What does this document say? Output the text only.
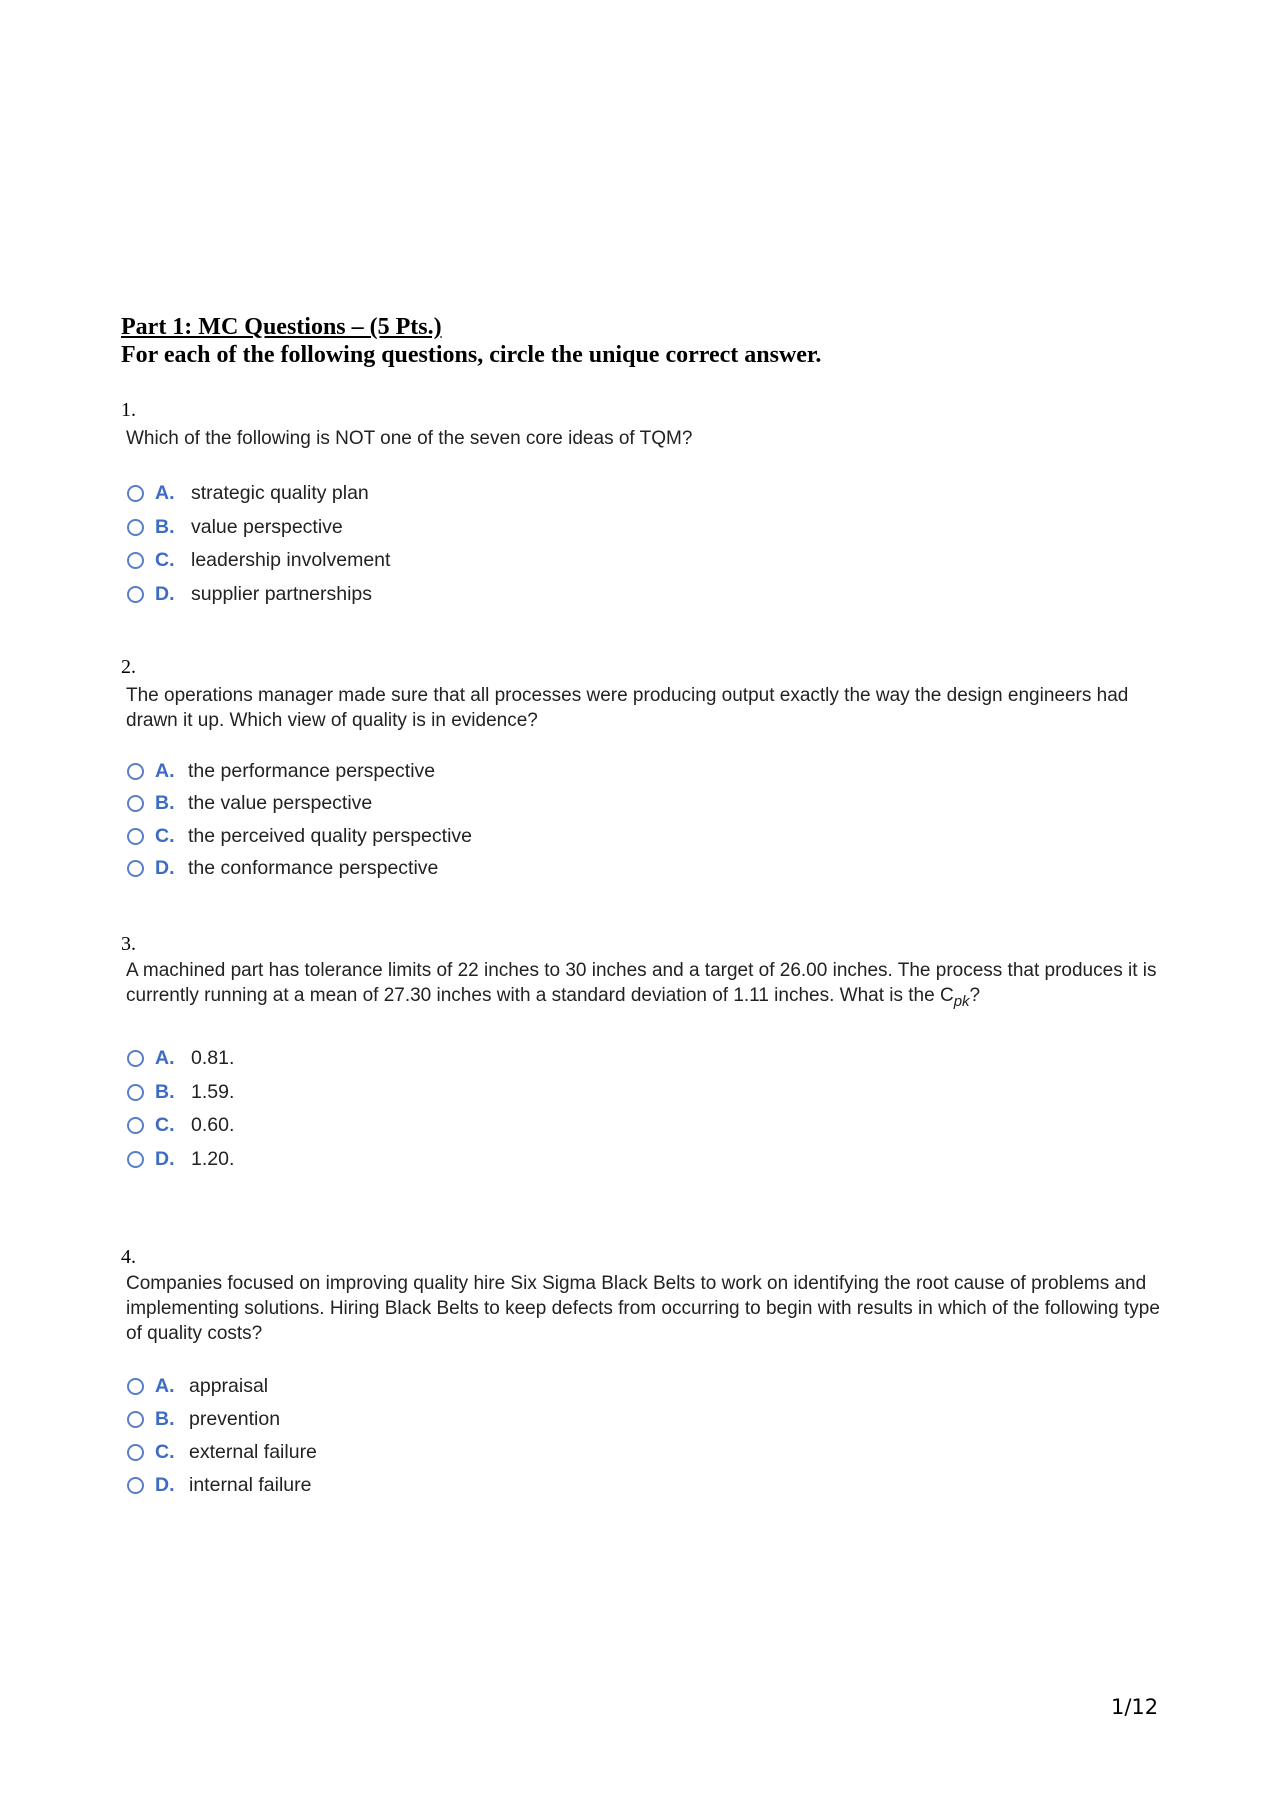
Part 1: MC Questions – (5 Pts.)
For each of the following questions, circle the unique correct answer.
1.
Which of the following is NOT one of the seven core ideas of TQM?
A. strategic quality plan
B. value perspective
C. leadership involvement
D. supplier partnerships
2.
The operations manager made sure that all processes were producing output exactly the way the design engineers had drawn it up. Which view of quality is in evidence?
A. the performance perspective
B. the value perspective
C. the perceived quality perspective
D. the conformance perspective
3.
A machined part has tolerance limits of 22 inches to 30 inches and a target of 26.00 inches. The process that produces it is currently running at a mean of 27.30 inches with a standard deviation of 1.11 inches. What is the $C_{pk}$?
A. 0.81.
B. 1.59.
C. 0.60.
D. 1.20.
4.
Companies focused on improving quality hire Six Sigma Black Belts to work on identifying the root cause of problems and implementing solutions. Hiring Black Belts to keep defects from occurring to begin with results in which of the following type of quality costs?
A. appraisal
B. prevention
C. external failure
D. internal failure
1/12
